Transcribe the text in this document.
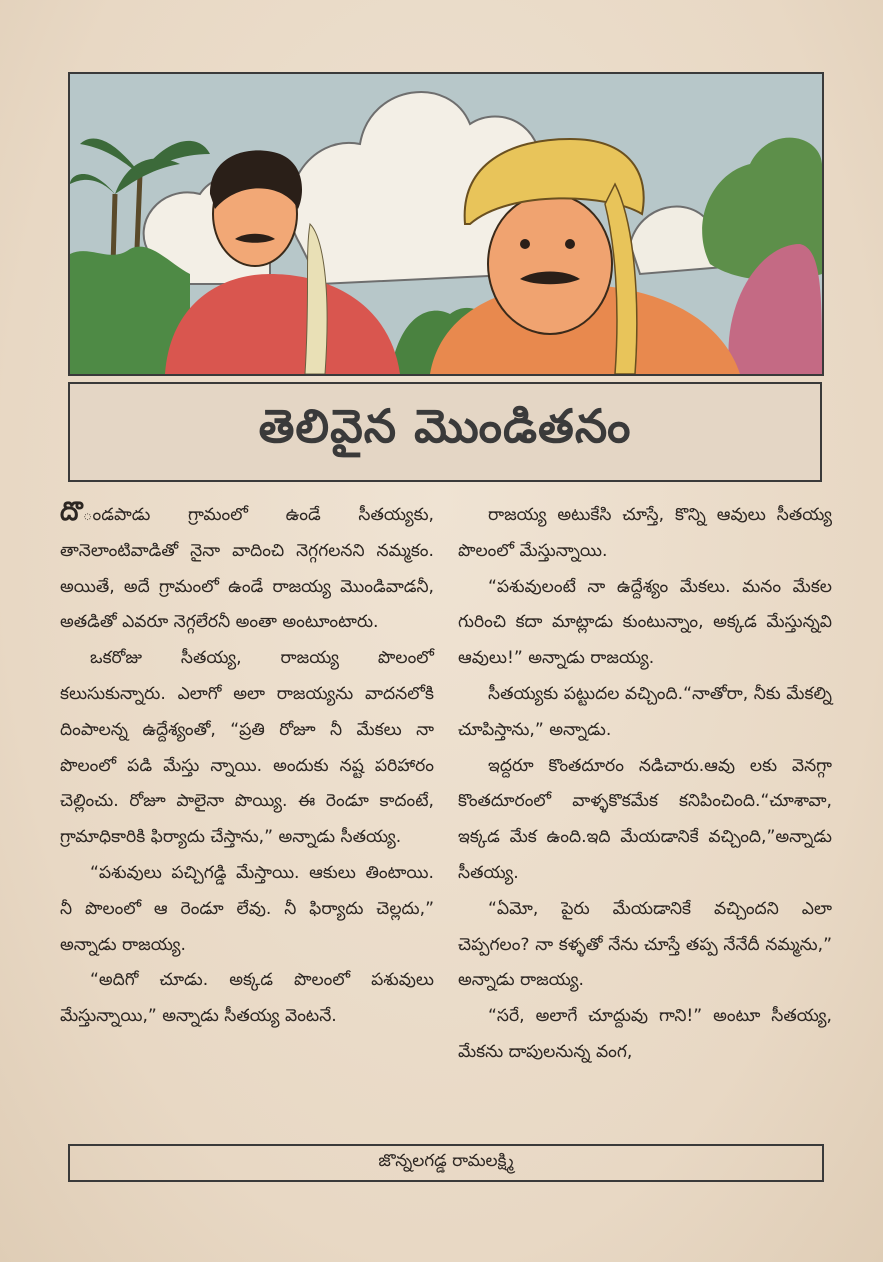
తెలివైన మొండితనం

దొండపాడు గ్రామంలో ఉండే సీతయ్యకు, తానెలాంటివాడితో నైనా వాదించి నెగ్గగలనని నమ్మకం. అయితే, అదే గ్రామంలో ఉండే రాజయ్య మొండివాడనీ, అతడితో ఎవరూ నెగ్గలేరనీ అంతా అంటూంటారు.

ఒకరోజు సీతయ్య, రాజయ్య పొలంలో కలుసుకున్నారు. ఎలాగో అలా రాజయ్యను వాదనలోకి దింపాలన్న ఉద్దేశ్యంతో, “ప్రతి రోజూ నీ మేకలు నా పొలంలో పడి మేస్తు న్నాయి. అందుకు నష్ట పరిహారం చెల్లించు. రోజూ పాలైనా పొయ్యి. ఈ రెండూ కాదంటే, గ్రామాధికారికి ఫిర్యాదు చేస్తాను,” అన్నాడు సీతయ్య.

“పశువులు పచ్చిగడ్డి మేస్తాయి. ఆకులు తింటాయి. నీ పొలంలో ఆ రెండూ లేవు. నీ ఫిర్యాదు చెల్లదు,” అన్నాడు రాజయ్య.

“అదిగో చూడు. అక్కడ పొలంలో పశువులు మేస్తున్నాయి,” అన్నాడు సీతయ్య వెంటనే.

రాజయ్య అటుకేసి చూస్తే, కొన్ని ఆవులు సీతయ్య పొలంలో మేస్తున్నాయి.

“పశువులంటే నా ఉద్దేశ్యం మేకలు. మనం మేకల గురించి కదా మాట్లాడు కుంటున్నాం, అక్కడ మేస్తున్నవి ఆవులు!” అన్నాడు రాజయ్య.

సీతయ్యకు పట్టుదల వచ్చింది.“నాతోరా, నీకు మేకల్ని చూపిస్తాను,” అన్నాడు.

ఇద్దరూ కొంతదూరం నడిచారు.ఆవు లకు వెనగ్గా కొంతదూరంలో వాళ్ళకొకమేక కనిపించింది.“చూశావా, ఇక్కడ మేక ఉంది.ఇది మేయడానికే వచ్చింది,”అన్నాడు సీతయ్య.

“ఏమో, పైరు మేయడానికే వచ్చిందని ఎలా చెప్పగలం? నా కళ్ళతో నేను చూస్తే తప్ప నేనేదీ నమ్మను,” అన్నాడు రాజయ్య.

“సరే, అలాగే చూద్దువు గాని!” అంటూ సీతయ్య, మేకను దాపులనున్న వంగ,

జొన్నలగడ్డ రామలక్ష్మి
